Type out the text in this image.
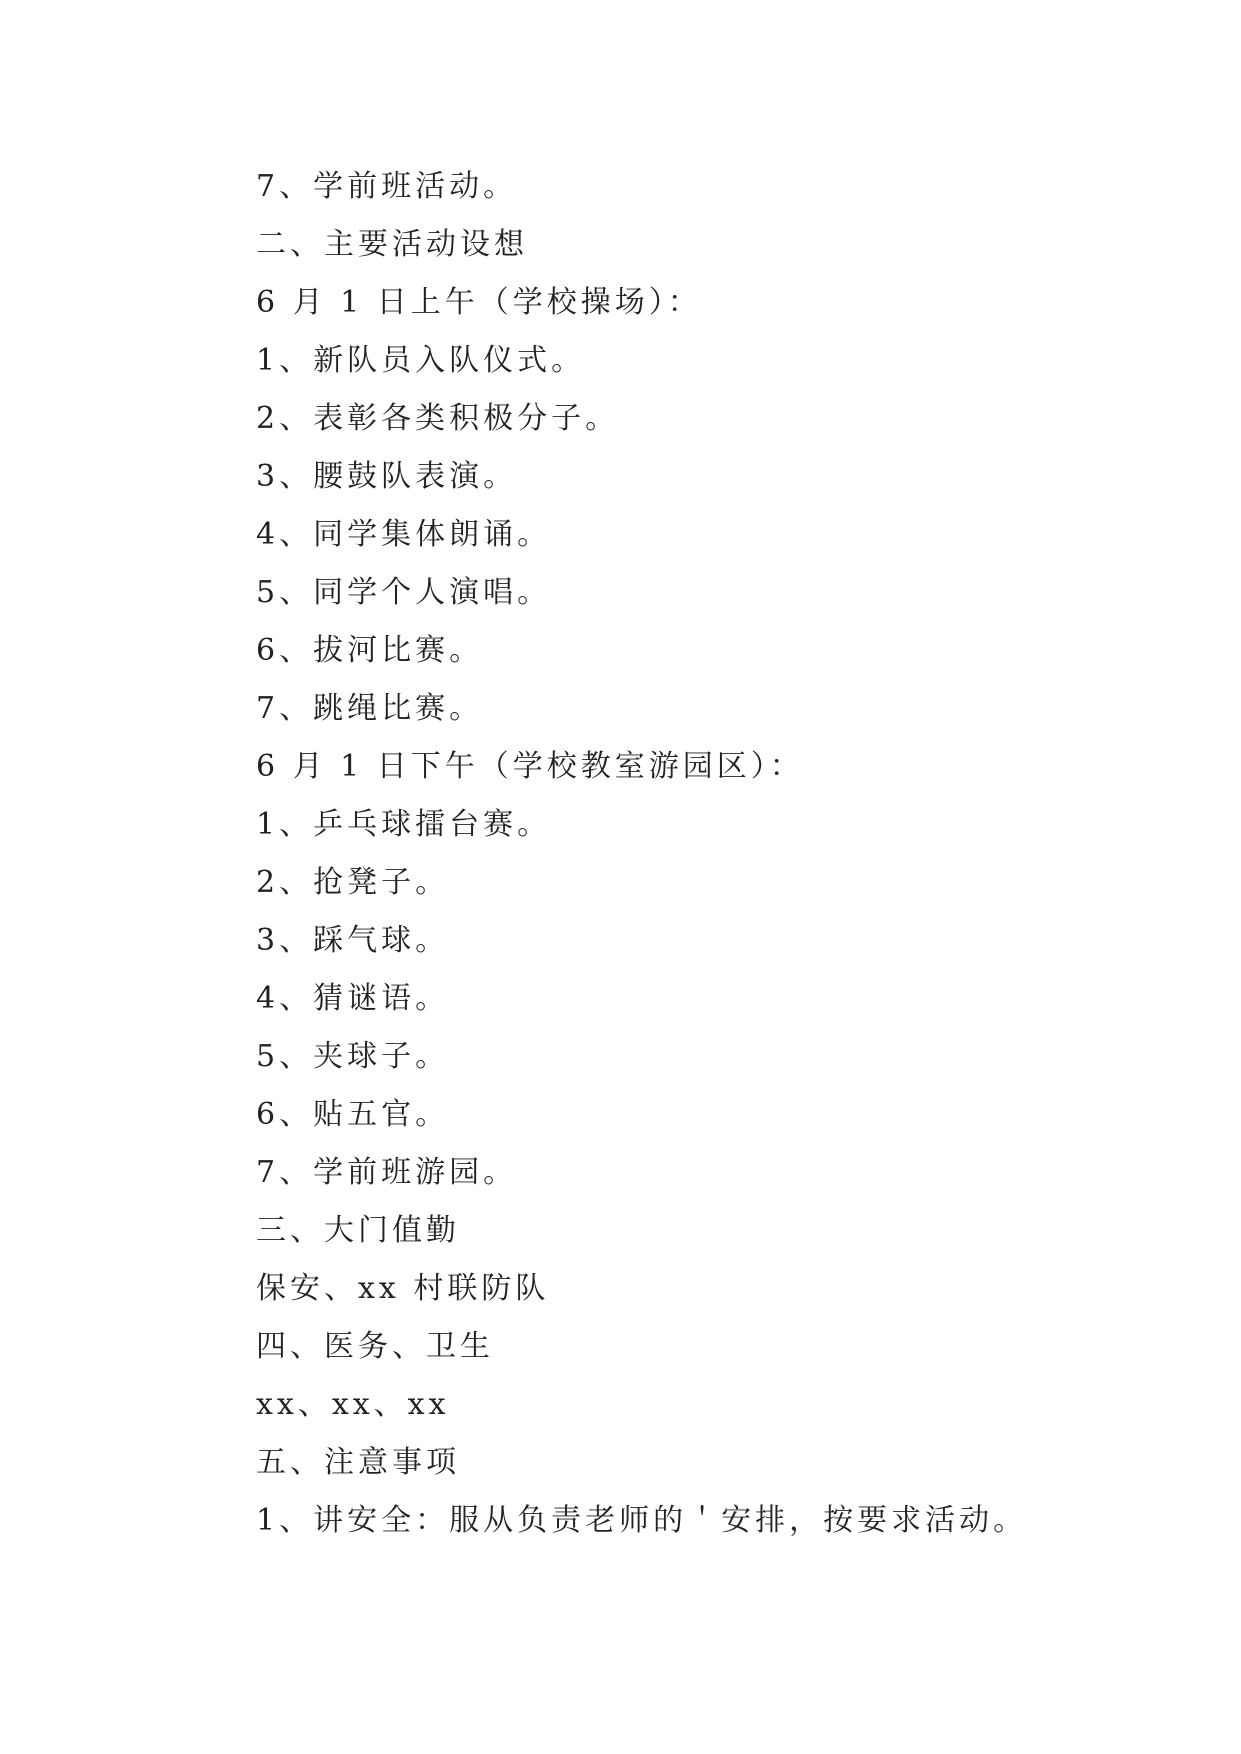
7、学前班活动。
二、主要活动设想
6 月 1 日上午（学校操场）：
1、新队员入队仪式。
2、表彰各类积极分子。
3、腰鼓队表演。
4、同学集体朗诵。
5、同学个人演唱。
6、拔河比赛。
7、跳绳比赛。
6 月 1 日下午（学校教室游园区）：
1、乒乓球擂台赛。
2、抢凳子。
3、踩气球。
4、猜谜语。
5、夹球子。
6、贴五官。
7、学前班游园。
三、大门值勤
保安、xx 村联防队
四、医务、卫生
xx、xx、xx
五、注意事项
1、讲安全：服从负责老师的＇安排，按要求活动。
